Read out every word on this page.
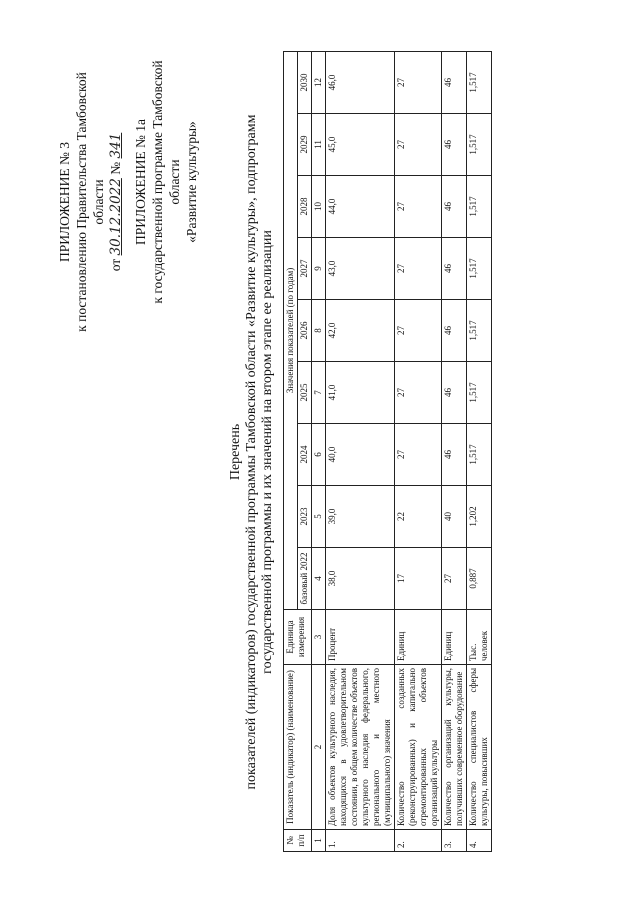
ПРИЛОЖЕНИЕ № 3 к постановлению Правительства Тамбовской области
от 30.12.2022 № 341 ПРИЛОЖЕНИЕ № 1а к государственной программе Тамбовской области «Развитие культуры»
Перечень показателей (индикаторов) государственной программы Тамбовской области «Развитие культуры», подпрограмм государственной программы и их значений на втором этапе ее реализации
№ п/п	Показатель (индикатор) (наименование)	Единица измерения	Значения показателей (по годам)								
			базовый 2022	2023	2024	2025	2026	2027	2028	2029	2030
1	2	3	4	5	6	7	8	9	10	11	12
1.	Доля объектов культурного наследия, находящихся в удовлетворительном состоянии, в общем количестве объектов культурного наследия федерального, регионального и местного (муниципального) значения	Процент	38,0	39,0	40,0	41,0	42,0	43,0	44,0	45,0	46,0
2.	Количество созданных (реконструированных) и капитально отремонтированных объектов организаций культуры	Единиц	17	22	27	27	27	27	27	27	27
3.	Количество организаций культуры, получивших современное оборудование	Единиц	27	40	46	46	46	46	46	46	46
4.	Количество специалистов сферы культуры, повысивших	Тыс. человек	0,887	1,202	1,517	1,517	1,517	1,517	1,517	1,517	1,517
